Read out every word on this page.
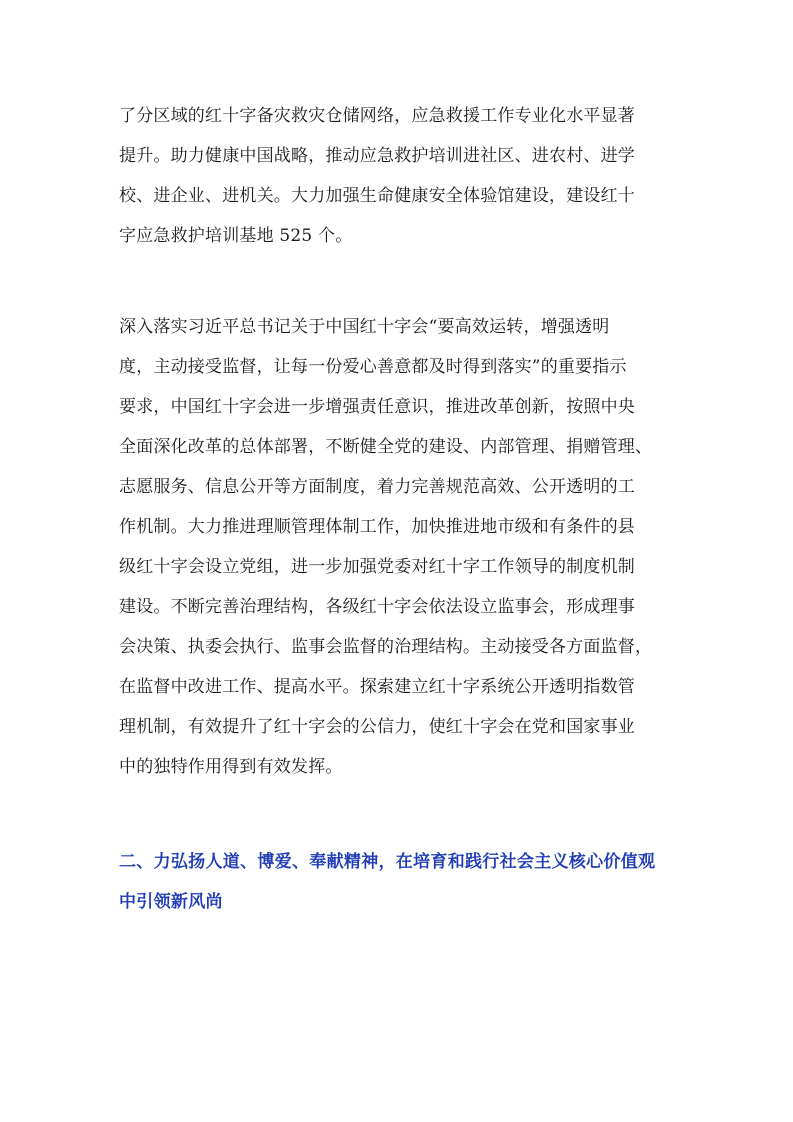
了分区域的红十字备灾救灾仓储网络，应急救援工作专业化水平显著
提升。助力健康中国战略，推动应急救护培训进社区、进农村、进学
校、进企业、进机关。大力加强生命健康安全体验馆建设，建设红十
字应急救护培训基地 525 个。
深入落实习近平总书记关于中国红十字会“要高效运转，增强透明
度，主动接受监督，让每一份爱心善意都及时得到落实”的重要指示
要求，中国红十字会进一步增强责任意识，推进改革创新，按照中央
全面深化改革的总体部署，不断健全党的建设、内部管理、捐赠管理、
志愿服务、信息公开等方面制度，着力完善规范高效、公开透明的工
作机制。大力推进理顺管理体制工作，加快推进地市级和有条件的县
级红十字会设立党组，进一步加强党委对红十字工作领导的制度机制
建设。不断完善治理结构，各级红十字会依法设立监事会，形成理事
会决策、执委会执行、监事会监督的治理结构。主动接受各方面监督，
在监督中改进工作、提高水平。探索建立红十字系统公开透明指数管
理机制，有效提升了红十字会的公信力，使红十字会在党和国家事业
中的独特作用得到有效发挥。
二、力弘扬人道、博爱、奉献精神，在培育和践行社会主义核心价值观
中引领新风尚
